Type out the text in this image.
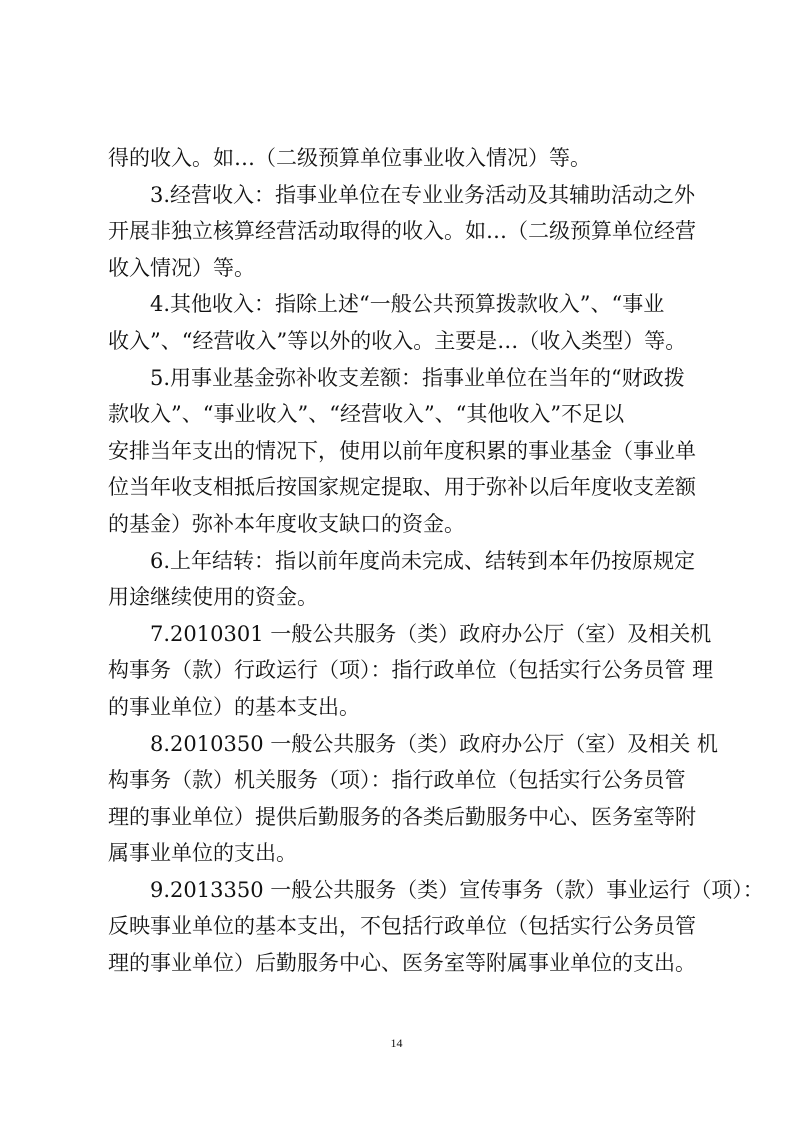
得的收入。如…（二级预算单位事业收入情况）等。
3.经营收入：指事业单位在专业业务活动及其辅助活动之外
开展非独立核算经营活动取得的收入。如…（二级预算单位经营
收入情况）等。
4.其他收入：指除上述“一般公共预算拨款收入”、“事业
收入”、“经营收入”等以外的收入。主要是…（收入类型）等。
5.用事业基金弥补收支差额：指事业单位在当年的“财政拨
款收入”、“事业收入”、“经营收入”、“其他收入”不足以
安排当年支出的情况下，使用以前年度积累的事业基金（事业单
位当年收支相抵后按国家规定提取、用于弥补以后年度收支差额
的基金）弥补本年度收支缺口的资金。
6.上年结转：指以前年度尚未完成、结转到本年仍按原规定
用途继续使用的资金。
7.2010301 一般公共服务（类）政府办公厅（室）及相关机
构事务（款）行政运行（项）：指行政单位（包括实行公务员管 理
的事业单位）的基本支出。
8.2010350 一般公共服务（类）政府办公厅（室）及相关 机
构事务（款）机关服务（项）：指行政单位（包括实行公务员管
理的事业单位）提供后勤服务的各类后勤服务中心、医务室等附
属事业单位的支出。
9.2013350 一般公共服务（类）宣传事务（款）事业运行（项）：
反映事业单位的基本支出，不包括行政单位（包括实行公务员管
理的事业单位）后勤服务中心、医务室等附属事业单位的支出。
14
